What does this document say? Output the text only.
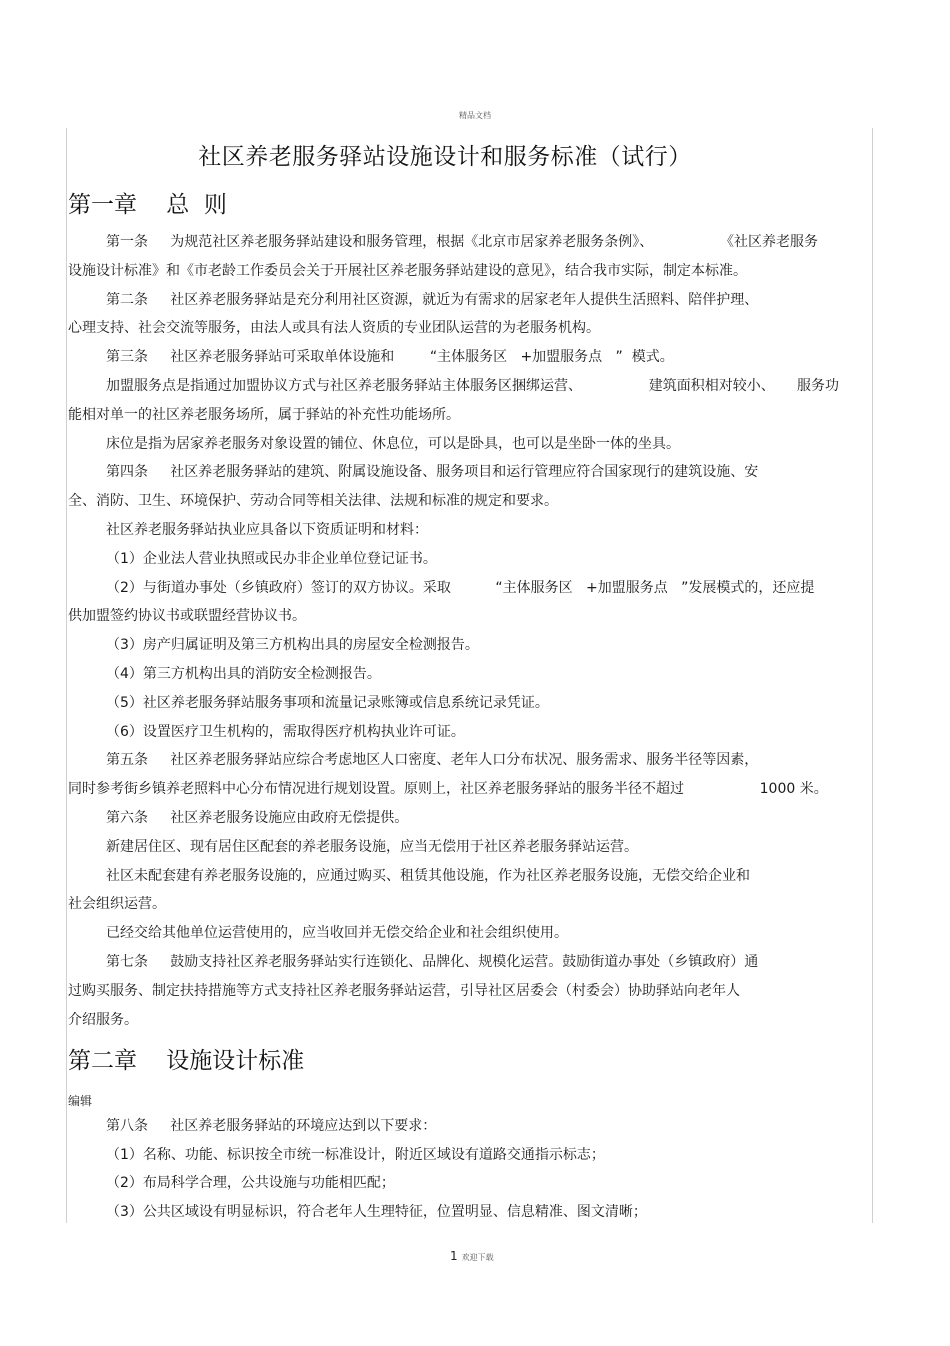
精品文档
社区养老服务驿站设施设计和服务标准（试行）
第一章    总  则
第一条     为规范社区养老服务驿站建设和服务管理，根据《北京市居家养老服务条例》、               《社区养老服务
设施设计标准》和《市老龄工作委员会关于开展社区养老服务驿站建设的意见》，结合我市实际，制定本标准。
第二条     社区养老服务驿站是充分利用社区资源，就近为有需求的居家老年人提供生活照料、陪伴护理、
心理支持、社会交流等服务，由法人或具有法人资质的专业团队运营的为老服务机构。
第三条     社区养老服务驿站可采取单体设施和        “主体服务区   +加盟服务点   ”  模式。
加盟服务点是指通过加盟协议方式与社区养老服务驿站主体服务区捆绑运营、               建筑面积相对较小、     服务功
能相对单一的社区养老服务场所，属于驿站的补充性功能场所。
床位是指为居家养老服务对象设置的铺位、休息位，可以是卧具，也可以是坐卧一体的坐具。
第四条     社区养老服务驿站的建筑、附属设施设备、服务项目和运行管理应符合国家现行的建筑设施、安
全、消防、卫生、环境保护、劳动合同等相关法律、法规和标准的规定和要求。
社区养老服务驿站执业应具备以下资质证明和材料：
（1）企业法人营业执照或民办非企业单位登记证书。
（2）与街道办事处（乡镇政府）签订的双方协议。采取          “主体服务区   +加盟服务点   ”发展模式的，还应提
供加盟签约协议书或联盟经营协议书。
（3）房产归属证明及第三方机构出具的房屋安全检测报告。
（4）第三方机构出具的消防安全检测报告。
（5）社区养老服务驿站服务事项和流量记录账簿或信息系统记录凭证。
（6）设置医疗卫生机构的，需取得医疗机构执业许可证。
第五条     社区养老服务驿站应综合考虑地区人口密度、老年人口分布状况、服务需求、服务半径等因素，
同时参考街乡镇养老照料中心分布情况进行规划设置。原则上，社区养老服务驿站的服务半径不超过                 1000 米。
第六条     社区养老服务设施应由政府无偿提供。
新建居住区、现有居住区配套的养老服务设施，应当无偿用于社区养老服务驿站运营。
社区未配套建有养老服务设施的，应通过购买、租赁其他设施，作为社区养老服务设施，无偿交给企业和
社会组织运营。
已经交给其他单位运营使用的，应当收回并无偿交给企业和社会组织使用。
第七条     鼓励支持社区养老服务驿站实行连锁化、品牌化、规模化运营。鼓励街道办事处（乡镇政府）通
过购买服务、制定扶持措施等方式支持社区养老服务驿站运营，引导社区居委会（村委会）协助驿站向老年人
介绍服务。
第二章    设施设计标准
编辑
第八条     社区养老服务驿站的环境应达到以下要求：
（1）名称、功能、标识按全市统一标准设计，附近区域设有道路交通指示标志；
（2）布局科学合理，公共设施与功能相匹配；
（3）公共区域设有明显标识，符合老年人生理特征，位置明显、信息精准、图文清晰；
1 欢迎下载
